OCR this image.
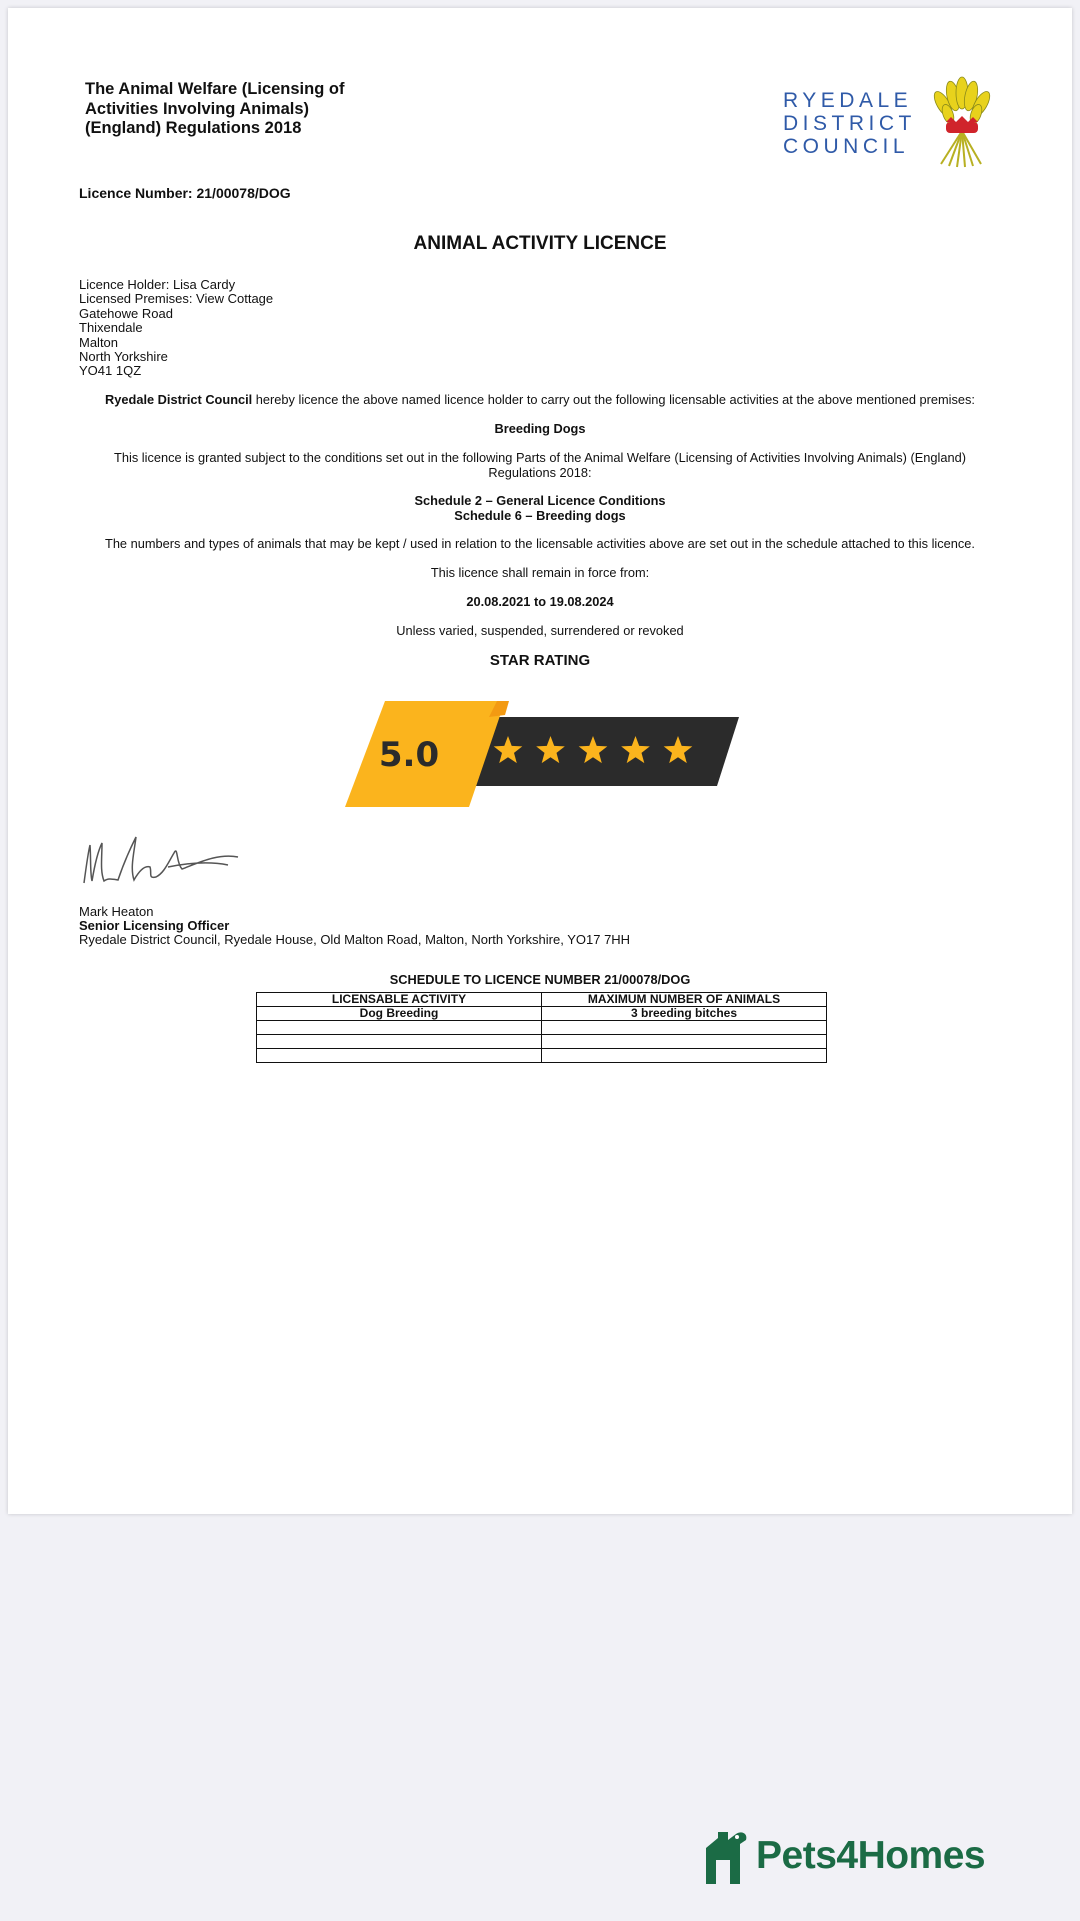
The Animal Welfare (Licensing of
Activities Involving Animals)
(England) Regulations 2018
RYEDALE
DISTRICT
COUNCIL
Licence Number: 21/00078/DOG
ANIMAL ACTIVITY LICENCE
Licence Holder: Lisa Cardy
Licensed Premises: View Cottage
Gatehowe Road
Thixendale
Malton
North Yorkshire
YO41 1QZ
Ryedale District Council hereby licence the above named licence holder to carry out the following licensable activities at the above mentioned premises:
Breeding Dogs
This licence is granted subject to the conditions set out in the following Parts of the Animal Welfare (Licensing of Activities Involving Animals) (England)
Regulations 2018:
Schedule 2 – General Licence Conditions
Schedule 6 – Breeding dogs
The numbers and types of animals that may be kept / used in relation to the licensable activities above are set out in the schedule attached to this licence.
This licence shall remain in force from:
20.08.2021 to 19.08.2024
Unless varied, suspended, surrendered or revoked
STAR RATING
5.0
Mark Heaton
Senior Licensing Officer
Ryedale District Council, Ryedale House, Old Malton Road, Malton, North Yorkshire, YO17 7HH
SCHEDULE TO LICENCE NUMBER 21/00078/DOG
LICENSABLE ACTIVITY	MAXIMUM NUMBER OF ANIMALS
Dog Breeding	3 breeding bitches

Pets4Homes
